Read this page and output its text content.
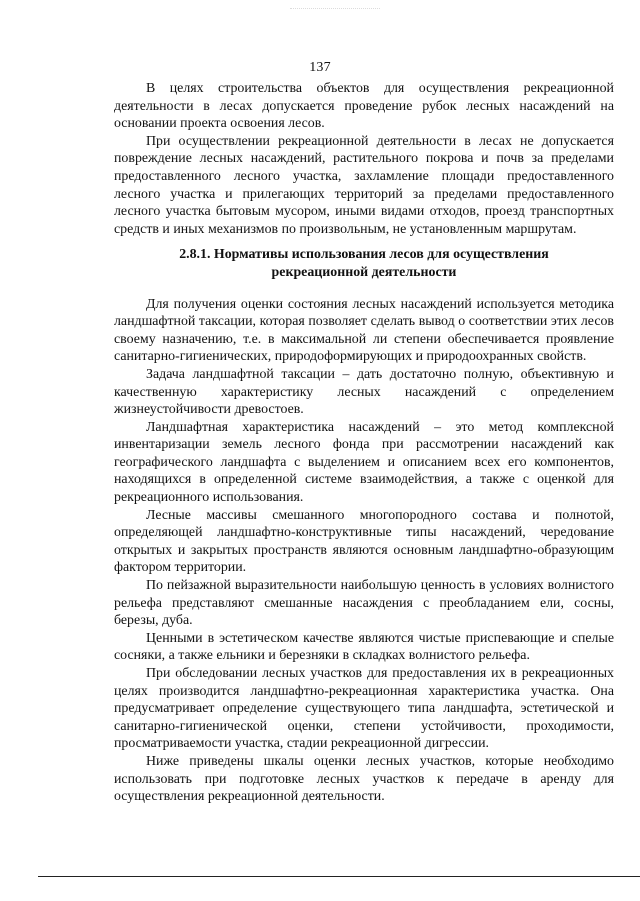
137

В целях строительства объектов для осуществления рекреационной деятельности в лесах допускается проведение рубок лесных насаждений на основании проекта освоения лесов.

При осуществлении рекреационной деятельности в лесах не допускается повреждение лесных насаждений, растительного покрова и почв за пределами предоставленного лесного участка, захламление площади предоставленного лесного участка и прилегающих территорий за пределами предоставленного лесного участка бытовым мусором, иными видами отходов, проезд транспортных средств и иных механизмов по произвольным, не установленным маршрутам.

2.8.1. Нормативы использования лесов для осуществления
рекреационной деятельности

Для получения оценки состояния лесных насаждений используется методика ландшафтной таксации, которая позволяет сделать вывод о соответствии этих лесов своему назначению, т.е. в максимальной ли степени обеспечивается проявление санитарно-гигиенических, природоформирующих и природоохранных свойств.

Задача ландшафтной таксации – дать достаточно полную, объективную и качественную характеристику лесных насаждений с определением жизнеустойчивости древостоев.

Ландшафтная характеристика насаждений – это метод комплексной инвентаризации земель лесного фонда при рассмотрении насаждений как географического ландшафта с выделением и описанием всех его компонентов, находящихся в определенной системе взаимодействия, а также с оценкой для рекреационного использования.

Лесные массивы смешанного многопородного состава и полнотой, определяющей ландшафтно-конструктивные типы насаждений, чередование открытых и закрытых пространств являются основным ландшафтно-образующим фактором территории.

По пейзажной выразительности наибольшую ценность в условиях волнистого рельефа представляют смешанные насаждения с преобладанием ели, сосны, березы, дуба.

Ценными в эстетическом качестве являются чистые приспевающие и спелые сосняки, а также ельники и березняки в складках волнистого рельефа.

При обследовании лесных участков для предоставления их в рекреационных целях производится ландшафтно-рекреационная характеристика участка. Она предусматривает определение существующего типа ландшафта, эстетической и санитарно-гигиенической оценки, степени устойчивости, проходимости, просматриваемости участка, стадии рекреационной дигрессии.

Ниже приведены шкалы оценки лесных участков, которые необходимо использовать при подготовке лесных участков к передаче в аренду для осуществления рекреационной деятельности.
